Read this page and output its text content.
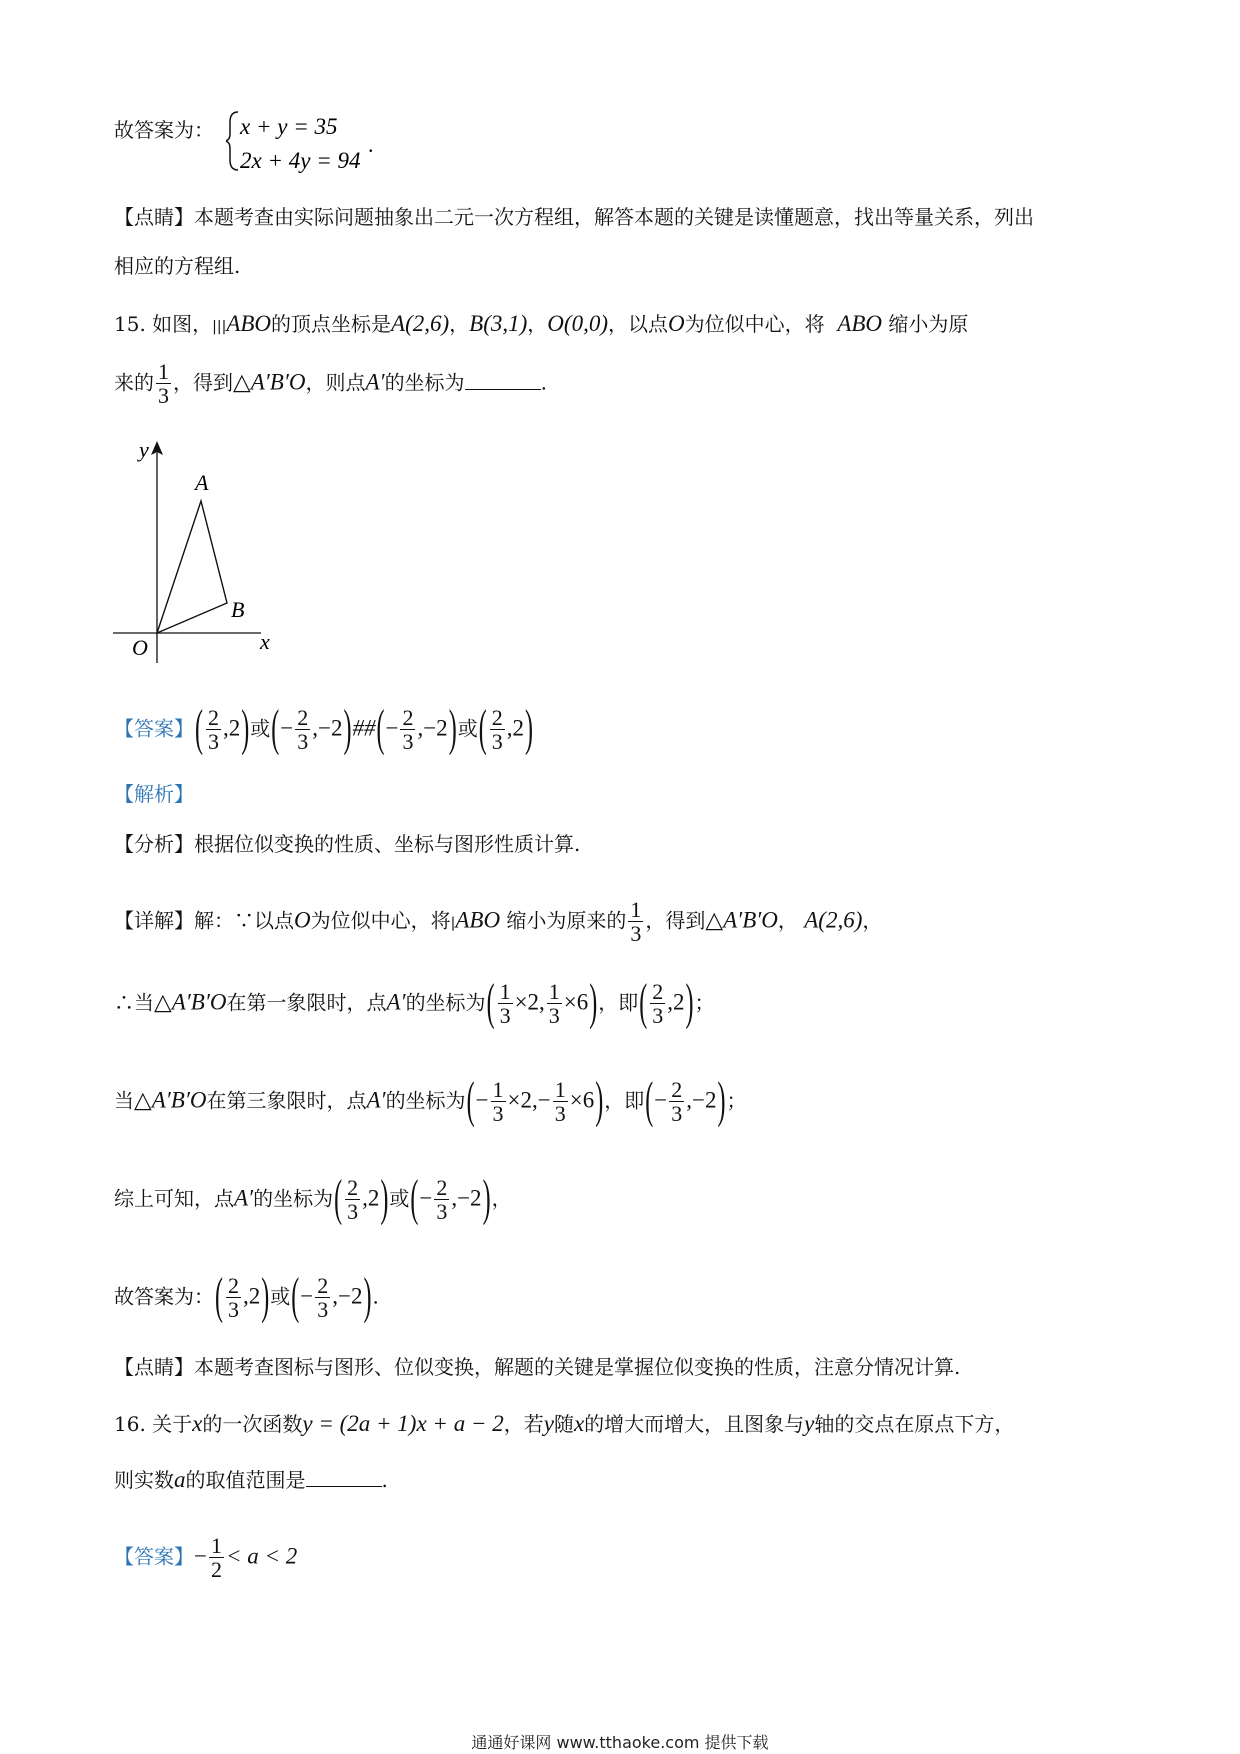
故答案为： x + y = 35
2x + 4y = 94
.
【点睛】本题考查由实际问题抽象出二元一次方程组，解答本题的关键是读懂题意，找出等量关系，列出
相应的方程组.
15. 如图，|||ABO的顶点坐标是A(2,6)，B(3,1)，O(0,0)，以点O为位似中心，将 ABO 缩小为原
来的 $\frac{1}{3}$ ，得到△A′B′O，则点A′的坐标为	.
y
x
A
B
O
【答案】( $\frac{2}{3} ,2$)或(− $\frac{2}{3}$ ,−2)##(− $\frac{2}{3} ,-2$)或( $\frac{2}{3} ,2$)
【解析】
【分析】根据位似变换的性质、坐标与图形性质计算.
【详解】解：∵以点O为位似中心，将|ABO 缩小为原来的 $\frac{1}{3}$ ，得到△A′B′O， A(2,6)，
∴当△A′B′O在第一象限时，点A′的坐标为( $\frac{1}{3} \times 2$, $\frac{1}{3} \times 6$)，即( $\frac{2}{3} ,2$)；
当△A′B′O在第三象限时，点A′的坐标为(− $\frac{1}{3} \times 2,- \frac{1}{3} \times 6$)，即(− $\frac{2}{3} ,-2$)；
综上可知，点A′的坐标为( $\frac{2}{3} ,2$)或(− $\frac{2}{3} ,-2$)，
故答案为：( $\frac{2}{3} ,2$)或(− $\frac{2}{3} ,-2$).
【点睛】本题考查图标与图形、位似变换，解题的关键是掌握位似变换的性质，注意分情况计算.
16. 关于x的一次函数y = (2a + 1)x + a − 2，若y随x的增大而增大，且图象与y轴的交点在原点下方，
则实数a的取值范围是	.
【答案】− $\frac{1}{2} < a < 2$
通通好课网 www.tthaoke.com 提供下载
